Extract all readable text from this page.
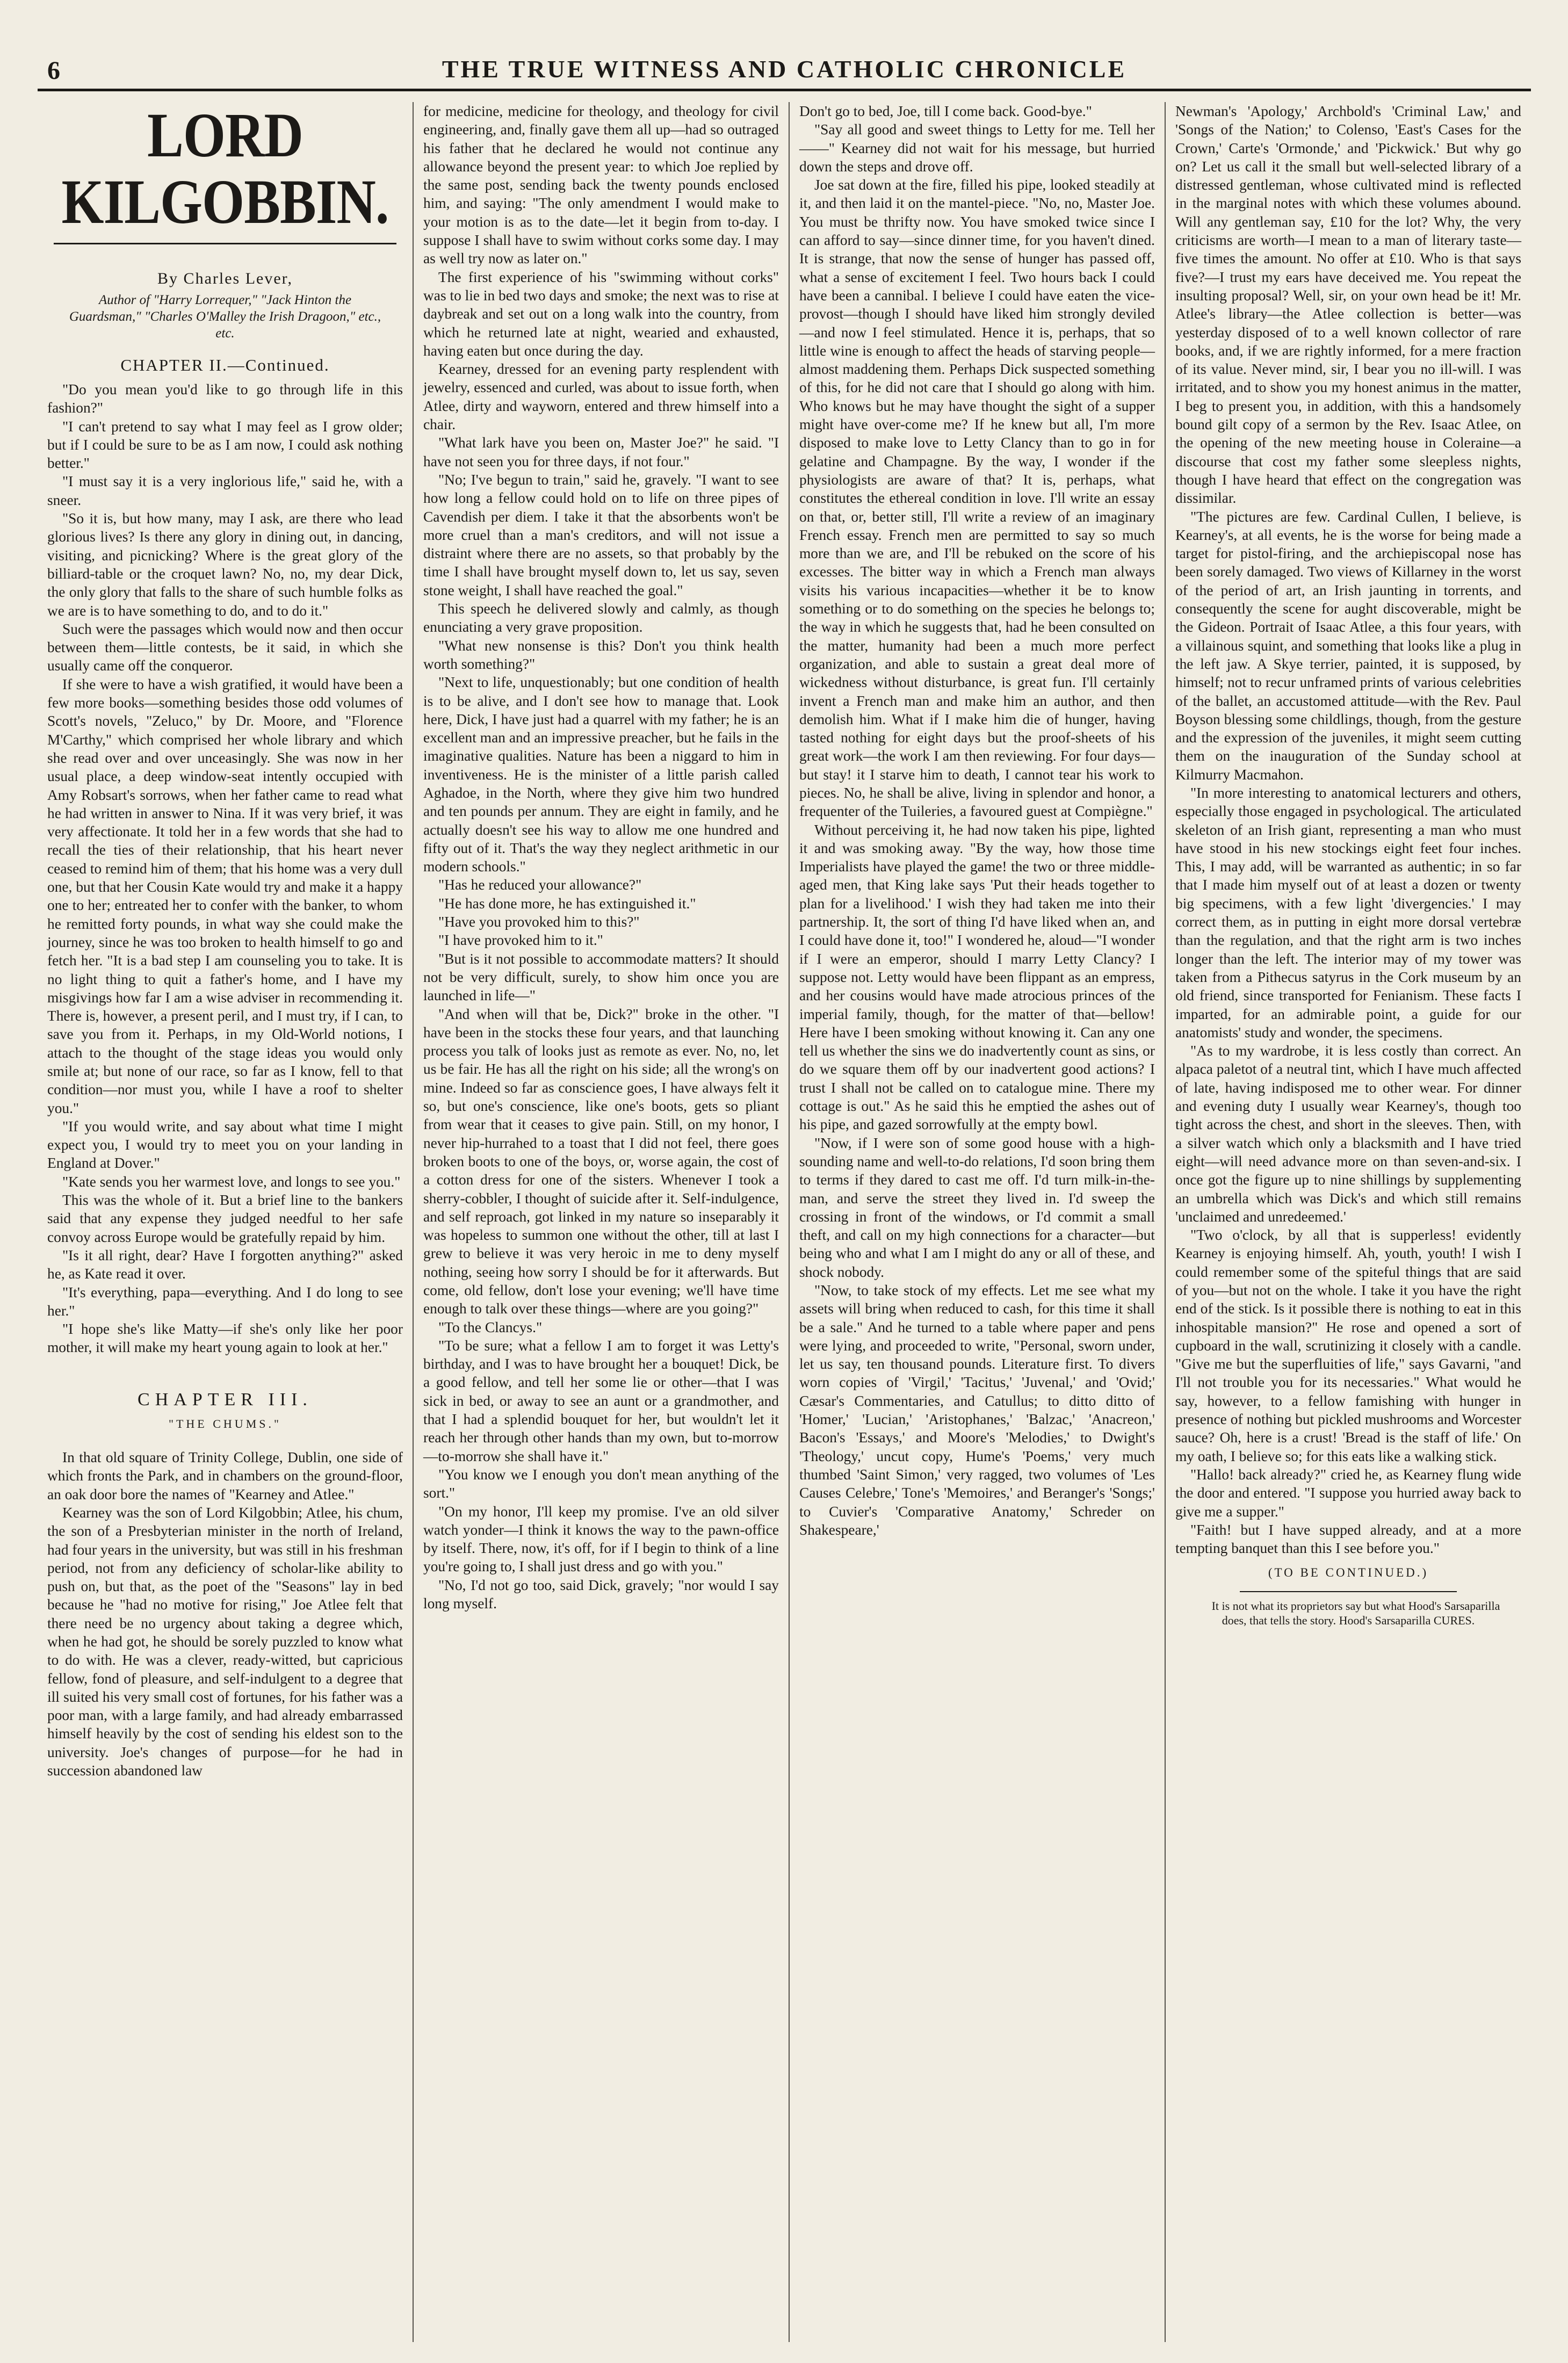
6	THE TRUE WITNESS AND CATHOLIC CHRONICLE
LORD KILGOBBIN.

By Charles Lever,

Author of "Harry Lorrequer," "Jack Hinton the Guardsman," "Charles O'Malley the Irish Dragoon," etc., etc.
CHAPTER II.—Continued.

"Do you mean you'd like to go through life in this fashion?"

"I can't pretend to say what I may feel as I grow older; but if I could be sure to be as I am now, I could ask nothing better."

"I must say it is a very inglorious life," said he, with a sneer.

"So it is, but how many, may I ask, are there who lead glorious lives? Is there any glory in dining out, in dancing, visiting, and picnicking? Where is the great glory of the billiard-table or the croquet lawn? No, no, my dear Dick, the only glory that falls to the share of such humble folks as we are is to have something to do, and to do it."

Such were the passages which would now and then occur between them—little contests, be it said, in which she usually came off the conqueror.

If she were to have a wish gratified, it would have been a few more books—something besides those odd volumes of Scott's novels, "Zeluco," by Dr. Moore, and "Florence M'Carthy," which comprised her whole library and which she read over and over unceasingly. She was now in her usual place, a deep window-seat intently occupied with Amy Robsart's sorrows, when her father came to read what he had written in answer to Nina. If it was very brief, it was very affectionate. It told her in a few words that she had to recall the ties of their relationship, that his heart never ceased to remind him of them; that his home was a very dull one, but that her Cousin Kate would try and make it a happy one to her; entreated her to confer with the banker, to whom he remitted forty pounds, in what way she could make the journey, since he was too broken to health himself to go and fetch her. "It is a bad step I am counseling you to take. It is no light thing to quit a father's home, and I have my misgivings how far I am a wise adviser in recommending it. There is, however, a present peril, and I must try, if I can, to save you from it. Perhaps, in my Old-World notions, I attach to the thought of the stage ideas you would only smile at; but none of our race, so far as I know, fell to that condition—nor must you, while I have a roof to shelter you."

"If you would write, and say about what time I might expect you, I would try to meet you on your landing in England at Dover."

"Kate sends you her warmest love, and longs to see you."

This was the whole of it. But a brief line to the bankers said that any expense they judged needful to her safe convoy across Europe would be gratefully repaid by him.

"Is it all right, dear? Have I forgotten anything?" asked he, as Kate read it over.

"It's everything, papa—everything. And I do long to see her."

"I hope she's like Matty—if she's only like her poor mother, it will make my heart young again to look at her."

CHAPTER III.
"THE CHUMS."

In that old square of Trinity College, Dublin, one side of which fronts the Park, and in chambers on the ground-floor, an oak door bore the names of "Kearney and Atlee."

Kearney was the son of Lord Kilgobbin; Atlee, his chum, the son of a Presbyterian minister in the north of Ireland, had four years in the university, but was still in his freshman period, not from any deficiency of scholar-like ability to push on, but that, as the poet of the "Seasons" lay in bed because he "had no motive for rising," Joe Atlee felt that there need be no urgency about taking a degree which, when he had got, he should be sorely puzzled to know what to do with. He was a clever, ready-witted, but capricious fellow, fond of pleasure, and self-indulgent to a degree that ill suited his very small cost of fortunes, for his father was a poor man, with a large family, and had already embarrassed himself heavily by the cost of sending his eldest son to the university. Joe's changes of purpose—for he had in succession abandoned law

for medicine, medicine for theology, and theology for civil engineering, and, finally gave them all up—had so outraged his father that he declared he would not continue any allowance beyond the present year: to which Joe replied by the same post, sending back the twenty pounds enclosed him, and saying: "The only amendment I would make to your motion is as to the date—let it begin from to-day. I suppose I shall have to swim without corks some day. I may as well try now as later on."

The first experience of his "swimming without corks" was to lie in bed two days and smoke; the next was to rise at daybreak and set out on a long walk into the country, from which he returned late at night, wearied and exhausted, having eaten but once during the day.

Kearney, dressed for an evening party resplendent with jewelry, essenced and curled, was about to issue forth, when Atlee, dirty and wayworn, entered and threw himself into a chair.

"What lark have you been on, Master Joe?" he said. "I have not seen you for three days, if not four."

"No; I've begun to train," said he, gravely. "I want to see how long a fellow could hold on to life on three pipes of Cavendish per diem. I take it that the absorbents won't be more cruel than a man's creditors, and will not issue a distraint where there are no assets, so that probably by the time I shall have brought myself down to, let us say, seven stone weight, I shall have reached the goal."

This speech he delivered slowly and calmly, as though enunciating a very grave proposition.

"What new nonsense is this? Don't you think health worth something?"

"Next to life, unquestionably; but one condition of health is to be alive, and I don't see how to manage that. Look here, Dick, I have just had a quarrel with my father; he is an excellent man and an impressive preacher, but he fails in the imaginative qualities. Nature has been a niggard to him in inventiveness. He is the minister of a little parish called Aghadoe, in the North, where they give him two hundred and ten pounds per annum. They are eight in family, and he actually doesn't see his way to allow me one hundred and fifty out of it. That's the way they neglect arithmetic in our modern schools."

"Has he reduced your allowance?"

"He has done more, he has extinguished it."

"Have you provoked him to this?"

"I have provoked him to it."

"But is it not possible to accommodate matters? It should not be very difficult, surely, to show him once you are launched in life—"

"And when will that be, Dick?" broke in the other. "I have been in the stocks these four years, and that launching process you talk of looks just as remote as ever. No, no, let us be fair. He has all the right on his side; all the wrong's on mine. Indeed so far as conscience goes, I have always felt it so, but one's conscience, like one's boots, gets so pliant from wear that it ceases to give pain. Still, on my honor, I never hip-hurrahed to a toast that I did not feel, there goes broken boots to one of the boys, or, worse again, the cost of a cotton dress for one of the sisters. Whenever I took a sherry-cobbler, I thought of suicide after it. Self-indulgence, and self reproach, got linked in my nature so inseparably it was hopeless to summon one without the other, till at last I grew to believe it was very heroic in me to deny myself nothing, seeing how sorry I should be for it afterwards. But come, old fellow, don't lose your evening; we'll have time enough to talk over these things—where are you going?"

"To the Clancys."

"To be sure; what a fellow I am to forget it was Letty's birthday, and I was to have brought her a bouquet! Dick, be a good fellow, and tell her some lie or other—that I was sick in bed, or away to see an aunt or a grandmother, and that I had a splendid bouquet for her, but wouldn't let it reach her through other hands than my own, but to-morrow—to-morrow she shall have it."

"You know we I enough you don't mean anything of the sort."

"On my honor, I'll keep my promise. I've an old silver watch yonder—I think it knows the way to the pawn-office by itself. There, now, it's off, for if I begin to think of a line you're going to, I shall just dress and go with you."

"No, I'd not go too, said Dick, gravely; "nor would I say long myself.

Don't go to bed, Joe, till I come back. Good-bye."

"Say all good and sweet things to Letty for me. Tell her——" Kearney did not wait for his message, but hurried down the steps and drove off.

Joe sat down at the fire, filled his pipe, looked steadily at it, and then laid it on the mantel-piece. "No, no, Master Joe. You must be thrifty now. You have smoked twice since I can afford to say—since dinner time, for you haven't dined. It is strange, that now the sense of hunger has passed off, what a sense of excitement I feel. Two hours back I could have been a cannibal. I believe I could have eaten the vice-provost—though I should have liked him strongly deviled—and now I feel stimulated. Hence it is, perhaps, that so little wine is enough to affect the heads of starving people—almost maddening them. Perhaps Dick suspected something of this, for he did not care that I should go along with him. Who knows but he may have thought the sight of a supper might have over-come me? If he knew but all, I'm more disposed to make love to Letty Clancy than to go in for gelatine and Champagne. By the way, I wonder if the physiologists are aware of that? It is, perhaps, what constitutes the ethereal condition in love. I'll write an essay on that, or, better still, I'll write a review of an imaginary French essay. French men are permitted to say so much more than we are, and I'll be rebuked on the score of his excesses. The bitter way in which a French man always visits his various incapacities—whether it be to know something or to do something on the species he belongs to; the way in which he suggests that, had he been consulted on the matter, humanity had been a much more perfect organization, and able to sustain a great deal more of wickedness without disturbance, is great fun. I'll certainly invent a French man and make him an author, and then demolish him. What if I make him die of hunger, having tasted nothing for eight days but the proof-sheets of his great work—the work I am then reviewing. For four days—but stay! it I starve him to death, I cannot tear his work to pieces. No, he shall be alive, living in splendor and honor, a frequenter of the Tuileries, a favoured guest at Compiègne."

Without perceiving it, he had now taken his pipe, lighted it and was smoking away. "By the way, how those time Imperialists have played the game! the two or three middle-aged men, that King lake says 'Put their heads together to plan for a livelihood.' I wish they had taken me into their partnership. It, the sort of thing I'd have liked when an, and I could have done it, too!" I wondered he, aloud—"I wonder if I were an emperor, should I marry Letty Clancy? I suppose not. Letty would have been flippant as an empress, and her cousins would have made atrocious princes of the imperial family, though, for the matter of that—bellow! Here have I been smoking without knowing it. Can any one tell us whether the sins we do inadvertently count as sins, or do we square them off by our inadvertent good actions? I trust I shall not be called on to catalogue mine. There my cottage is out." As he said this he emptied the ashes out of his pipe, and gazed sorrowfully at the empty bowl.

"Now, if I were son of some good house with a high-sounding name and well-to-do relations, I'd soon bring them to terms if they dared to cast me off. I'd turn milk-in-the-man, and serve the street they lived in. I'd sweep the crossing in front of the windows, or I'd commit a small theft, and call on my high connections for a character—but being who and what I am I might do any or all of these, and shock nobody.

"Now, to take stock of my effects. Let me see what my assets will bring when reduced to cash, for this time it shall be a sale." And he turned to a table where paper and pens were lying, and proceeded to write, "Personal, sworn under, let us say, ten thousand pounds. Literature first. To divers worn copies of 'Virgil,' 'Tacitus,' 'Juvenal,' and 'Ovid;' Cæsar's Commentaries, and Catullus; to ditto ditto of 'Homer,' 'Lucian,' 'Aristophanes,' 'Balzac,' 'Anacreon,' Bacon's 'Essays,' and Moore's 'Melodies,' to Dwight's 'Theology,' uncut copy, Hume's 'Poems,' very much thumbed 'Saint Simon,' very ragged, two volumes of 'Les Causes Celebre,' Tone's 'Memoires,' and Beranger's 'Songs;' to Cuvier's 'Comparative Anatomy,' Schreder on Shakespeare,'

Newman's 'Apology,' Archbold's 'Criminal Law,' and 'Songs of the Nation;' to Colenso, 'East's Cases for the Crown,' Carte's 'Ormonde,' and 'Pickwick.' But why go on? Let us call it the small but well-selected library of a distressed gentleman, whose cultivated mind is reflected in the marginal notes with which these volumes abound. Will any gentleman say, £10 for the lot? Why, the very criticisms are worth—I mean to a man of literary taste—five times the amount. No offer at £10. Who is that says five?—I trust my ears have deceived me. You repeat the insulting proposal? Well, sir, on your own head be it! Mr. Atlee's library—the Atlee collection is better—was yesterday disposed of to a well known collector of rare books, and, if we are rightly informed, for a mere fraction of its value. Never mind, sir, I bear you no ill-will. I was irritated, and to show you my honest animus in the matter, I beg to present you, in addition, with this a handsomely bound gilt copy of a sermon by the Rev. Isaac Atlee, on the opening of the new meeting house in Coleraine—a discourse that cost my father some sleepless nights, though I have heard that effect on the congregation was dissimilar.

"The pictures are few. Cardinal Cullen, I believe, is Kearney's, at all events, he is the worse for being made a target for pistol-firing, and the archiepiscopal nose has been sorely damaged. Two views of Killarney in the worst of the period of art, an Irish jaunting in torrents, and consequently the scene for aught discoverable, might be the Gideon. Portrait of Isaac Atlee, a this four years, with a villainous squint, and something that looks like a plug in the left jaw. A Skye terrier, painted, it is supposed, by himself; not to recur unframed prints of various celebrities of the ballet, an accustomed attitude—with the Rev. Paul Boyson blessing some childlings, though, from the gesture and the expression of the juveniles, it might seem cutting them on the inauguration of the Sunday school at Kilmurry Macmahon.

"In more interesting to anatomical lecturers and others, especially those engaged in psychological. The articulated skeleton of an Irish giant, representing a man who must have stood in his new stockings eight feet four inches. This, I may add, will be warranted as authentic; in so far that I made him myself out of at least a dozen or twenty big specimens, with a few light 'divergencies.' I may correct them, as in putting in eight more dorsal vertebræ than the regulation, and that the right arm is two inches longer than the left. The interior may of my tower was taken from a Pithecus satyrus in the Cork museum by an old friend, since transported for Fenianism. These facts I imparted, for an admirable point, a guide for our anatomists' study and wonder, the specimens.

"As to my wardrobe, it is less costly than correct. An alpaca paletot of a neutral tint, which I have much affected of late, having indisposed me to other wear. For dinner and evening duty I usually wear Kearney's, though too tight across the chest, and short in the sleeves. Then, with a silver watch which only a blacksmith and I have tried eight—will need advance more on than seven-and-six. I once got the figure up to nine shillings by supplementing an umbrella which was Dick's and which still remains 'unclaimed and unredeemed.'

"Two o'clock, by all that is supperless! evidently Kearney is enjoying himself. Ah, youth, youth! I wish I could remember some of the spiteful things that are said of you—but not on the whole. I take it you have the right end of the stick. Is it possible there is nothing to eat in this inhospitable mansion?" He rose and opened a sort of cupboard in the wall, scrutinizing it closely with a candle. "Give me but the superfluities of life," says Gavarni, "and I'll not trouble you for its necessaries." What would he say, however, to a fellow famishing with hunger in presence of nothing but pickled mushrooms and Worcester sauce? Oh, here is a crust! 'Bread is the staff of life.' On my oath, I believe so; for this eats like a walking stick.

"Hallo! back already?" cried he, as Kearney flung wide the door and entered. "I suppose you hurried away back to give me a supper."

"Faith! but I have supped already, and at a more tempting banquet than this I see before you."

(TO BE CONTINUED.)

It is not what its proprietors say but what Hood's Sarsaparilla does, that tells the story. Hood's Sarsaparilla CURES.
